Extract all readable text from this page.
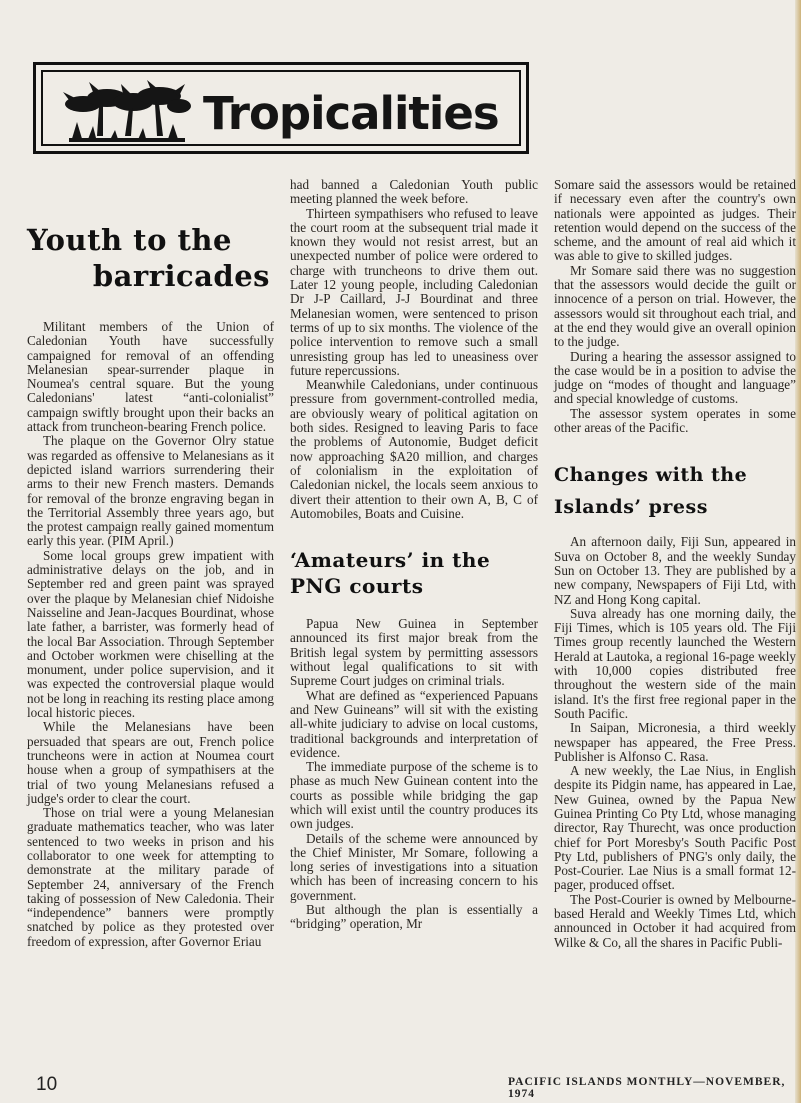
Tropicalities
Youth to the
barricades

Militant members of the Union of Caledonian Youth have successfully campaigned for removal of an offending Melanesian spear-surrender plaque in Noumea's central square. But the young Caledonians' latest “anti-colonialist” campaign swiftly brought upon their backs an attack from truncheon-bearing French police.

The plaque on the Governor Olry statue was regarded as offensive to Melanesians as it depicted island warriors surrendering their arms to their new French masters. Demands for removal of the bronze engraving began in the Territorial Assembly three years ago, but the protest campaign really gained momentum early this year. (PIM April.)

Some local groups grew impatient with administrative delays on the job, and in September red and green paint was sprayed over the plaque by Melanesian chief Nidoishe Naisseline and Jean-Jacques Bourdinat, whose late father, a barrister, was formerly head of the local Bar Association. Through September and October workmen were chiselling at the monument, under police supervision, and it was expected the controversial plaque would not be long in reaching its resting place among local historic pieces.

While the Melanesians have been persuaded that spears are out, French police truncheons were in action at Noumea court house when a group of sympathisers at the trial of two young Melanesians refused a judge's order to clear the court.

Those on trial were a young Melanesian graduate mathematics teacher, who was later sentenced to two weeks in prison and his collaborator to one week for attempting to demonstrate at the military parade of September 24, anniversary of the French taking of possession of New Caledonia. Their “independence” banners were promptly snatched by police as they protested over freedom of expression, after Governor Eriau

had banned a Caledonian Youth public meeting planned the week before.

Thirteen sympathisers who refused to leave the court room at the subsequent trial made it known they would not resist arrest, but an unexpected number of police were ordered to charge with truncheons to drive them out. Later 12 young people, including Caledonian Dr J-P Caillard, J-J Bourdinat and three Melanesian women, were sentenced to prison terms of up to six months. The violence of the police intervention to remove such a small unresisting group has led to uneasiness over future repercussions.

Meanwhile Caledonians, under continuous pressure from government-controlled media, are obviously weary of political agitation on both sides. Resigned to leaving Paris to face the problems of Autonomie, Budget deficit now approaching $A20 million, and charges of colonialism in the exploitation of Caledonian nickel, the locals seem anxious to divert their attention to their own A, B, C of Automobiles, Boats and Cuisine.

‘Amateurs’ in the
PNG courts

Papua New Guinea in September announced its first major break from the British legal system by permitting assessors without legal qualifications to sit with Supreme Court judges on criminal trials.

What are defined as “experienced Papuans and New Guineans” will sit with the existing all-white judiciary to advise on local customs, traditional backgrounds and interpretation of evidence.

The immediate purpose of the scheme is to phase as much New Guinean content into the courts as possible while bridging the gap which will exist until the country produces its own judges.

Details of the scheme were announced by the Chief Minister, Mr Somare, following a long series of investigations into a situation which has been of increasing concern to his government.

But although the plan is essentially a “bridging” operation, Mr

Somare said the assessors would be retained if necessary even after the country's own nationals were appointed as judges. Their retention would depend on the success of the scheme, and the amount of real aid which it was able to give to skilled judges.

Mr Somare said there was no suggestion that the assessors would decide the guilt or innocence of a person on trial. However, the assessors would sit throughout each trial, and at the end they would give an overall opinion to the judge.

During a hearing the assessor assigned to the case would be in a position to advise the judge on “modes of thought and language” and special knowledge of customs.

The assessor system operates in some other areas of the Pacific.

Changes with the
Islands’ press

An afternoon daily, Fiji Sun, appeared in Suva on October 8, and the weekly Sunday Sun on October 13. They are published by a new company, Newspapers of Fiji Ltd, with NZ and Hong Kong capital.

Suva already has one morning daily, the Fiji Times, which is 105 years old. The Fiji Times group recently launched the Western Herald at Lautoka, a regional 16-page weekly with 10,000 copies distributed free throughout the western side of the main island. It's the first free regional paper in the South Pacific.

In Saipan, Micronesia, a third weekly newspaper has appeared, the Free Press. Publisher is Alfonso C. Rasa.

A new weekly, the Lae Nius, in English despite its Pidgin name, has appeared in Lae, New Guinea, owned by the Papua New Guinea Printing Co Pty Ltd, whose managing director, Ray Thurecht, was once production chief for Port Moresby's South Pacific Post Pty Ltd, publishers of PNG's only daily, the Post-Courier. Lae Nius is a small format 12-pager, produced offset.

The Post-Courier is owned by Melbourne-based Herald and Weekly Times Ltd, which announced in October it had acquired from Wilke & Co, all the shares in Pacific Publi-

10	PACIFIC ISLANDS MONTHLY—NOVEMBER, 1974
